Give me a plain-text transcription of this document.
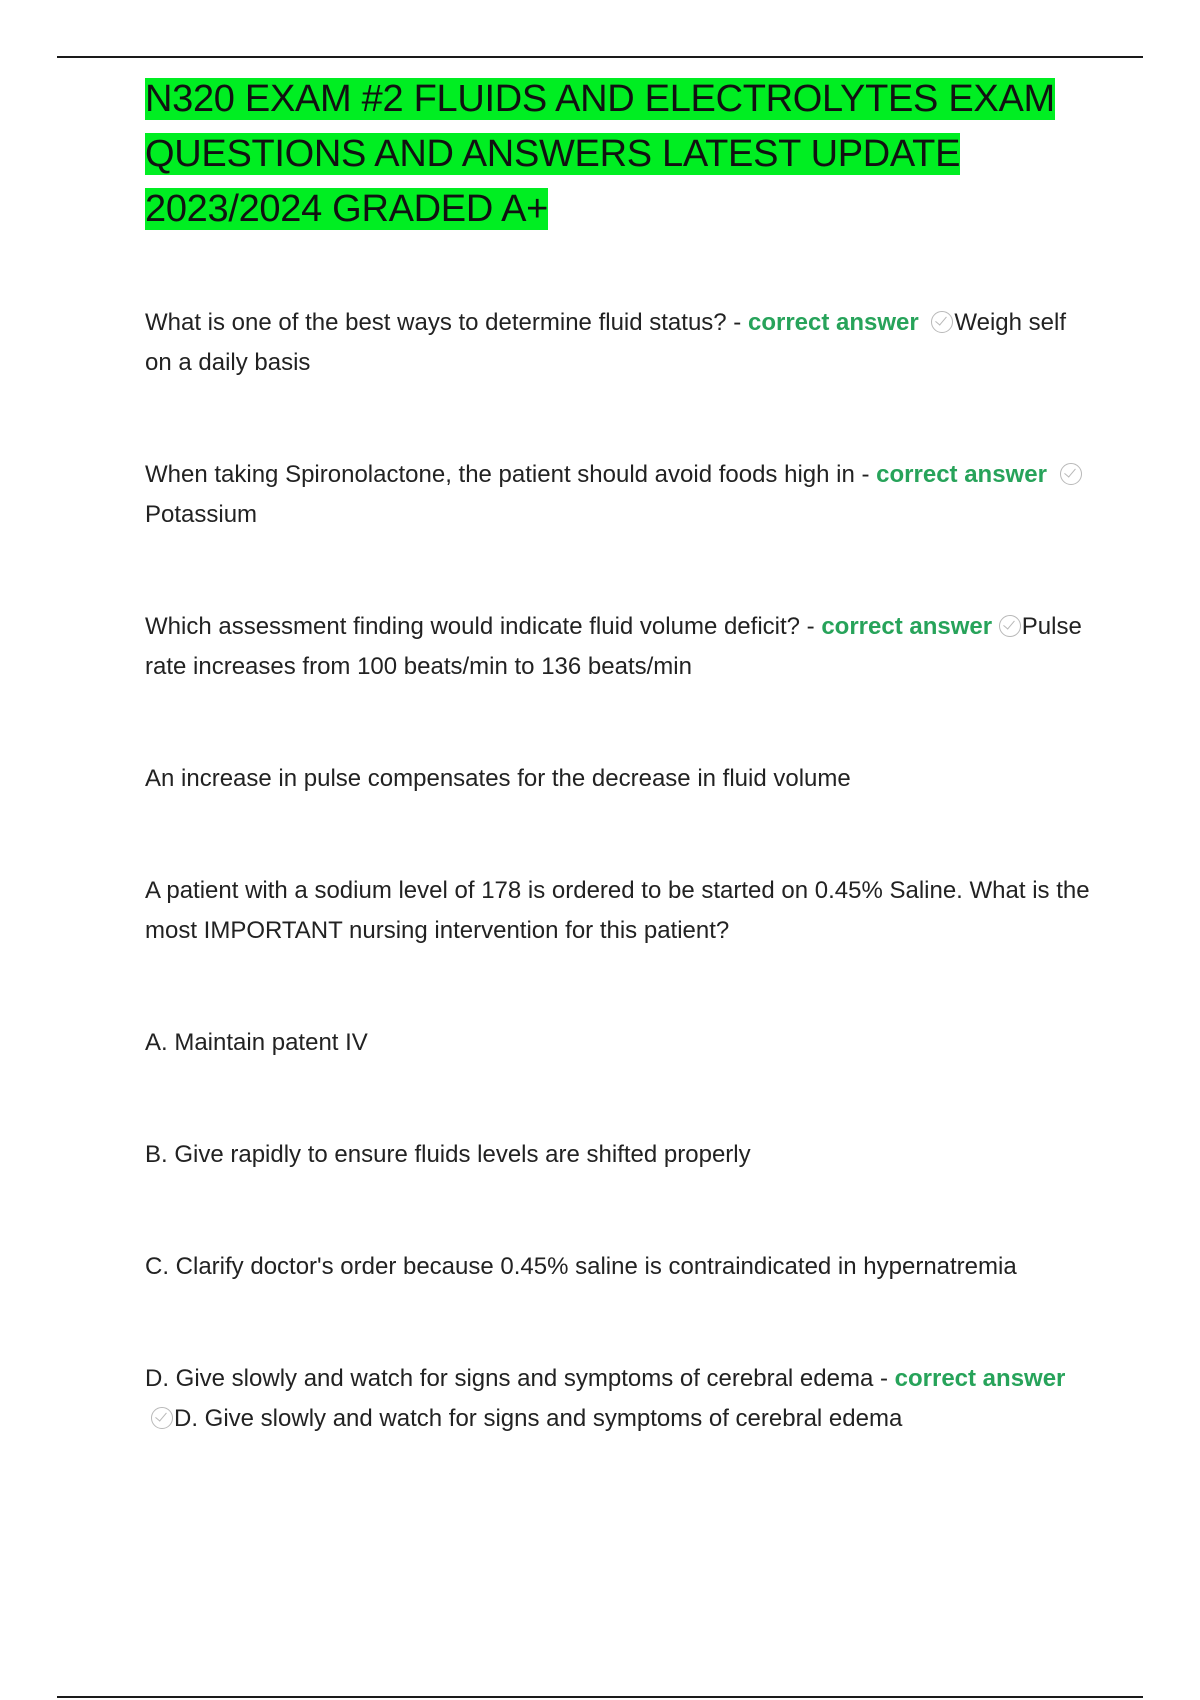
N320 EXAM #2 FLUIDS AND ELECTROLYTES EXAM QUESTIONS AND ANSWERS LATEST UPDATE 2023/2024 GRADED A+

What is one of the best ways to determine fluid status? - correct answer Weigh self on a daily basis

When taking Spironolactone, the patient should avoid foods high in - correct answer Potassium

Which assessment finding would indicate fluid volume deficit? - correct answer Pulse rate increases from 100 beats/min to 136 beats/min

An increase in pulse compensates for the decrease in fluid volume

A patient with a sodium level of 178 is ordered to be started on 0.45% Saline. What is the most IMPORTANT nursing intervention for this patient?

A. Maintain patent IV

B. Give rapidly to ensure fluids levels are shifted properly

C. Clarify doctor's order because 0.45% saline is contraindicated in hypernatremia

D. Give slowly and watch for signs and symptoms of cerebral edema - correct answer D. Give slowly and watch for signs and symptoms of cerebral edema
